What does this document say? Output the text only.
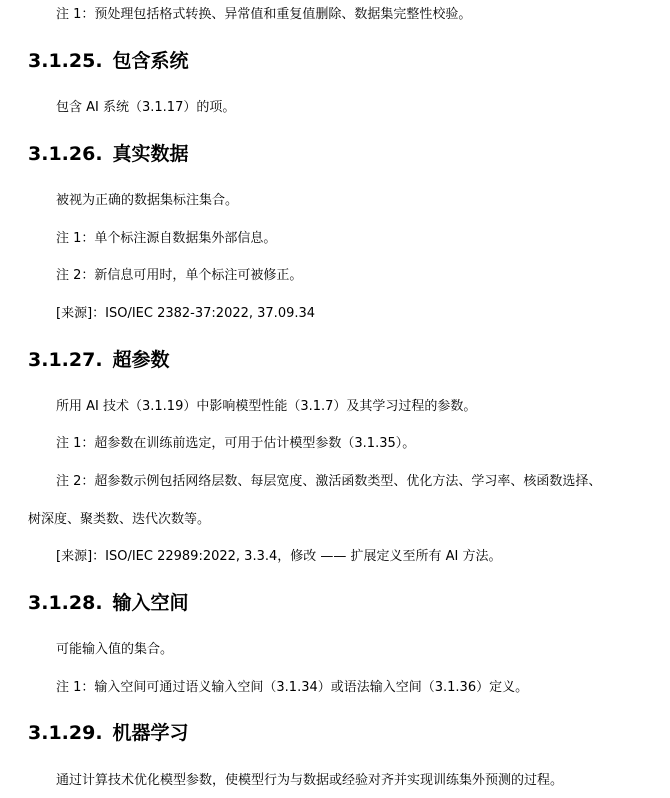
注 1：预处理包括格式转换、异常值和重复值删除、数据集完整性校验。
3.1.25. 包含系统
包含 AI 系统（3.1.17）的项。
3.1.26. 真实数据
被视为正确的数据集标注集合。
注 1：单个标注源自数据集外部信息。
注 2：新信息可用时，单个标注可被修正。
[来源]：ISO/IEC 2382-37:2022, 37.09.34
3.1.27. 超参数
所用 AI 技术（3.1.19）中影响模型性能（3.1.7）及其学习过程的参数。
注 1：超参数在训练前选定，可用于估计模型参数（3.1.35）。
注 2：超参数示例包括网络层数、每层宽度、激活函数类型、优化方法、学习率、核函数选择、
树深度、聚类数、迭代次数等。
[来源]：ISO/IEC 22989:2022, 3.3.4，修改 —— 扩展定义至所有 AI 方法。
3.1.28. 输入空间
可能输入值的集合。
注 1：输入空间可通过语义输入空间（3.1.34）或语法输入空间（3.1.36）定义。
3.1.29. 机器学习
通过计算技术优化模型参数，使模型行为与数据或经验对齐并实现训练集外预测的过程。
